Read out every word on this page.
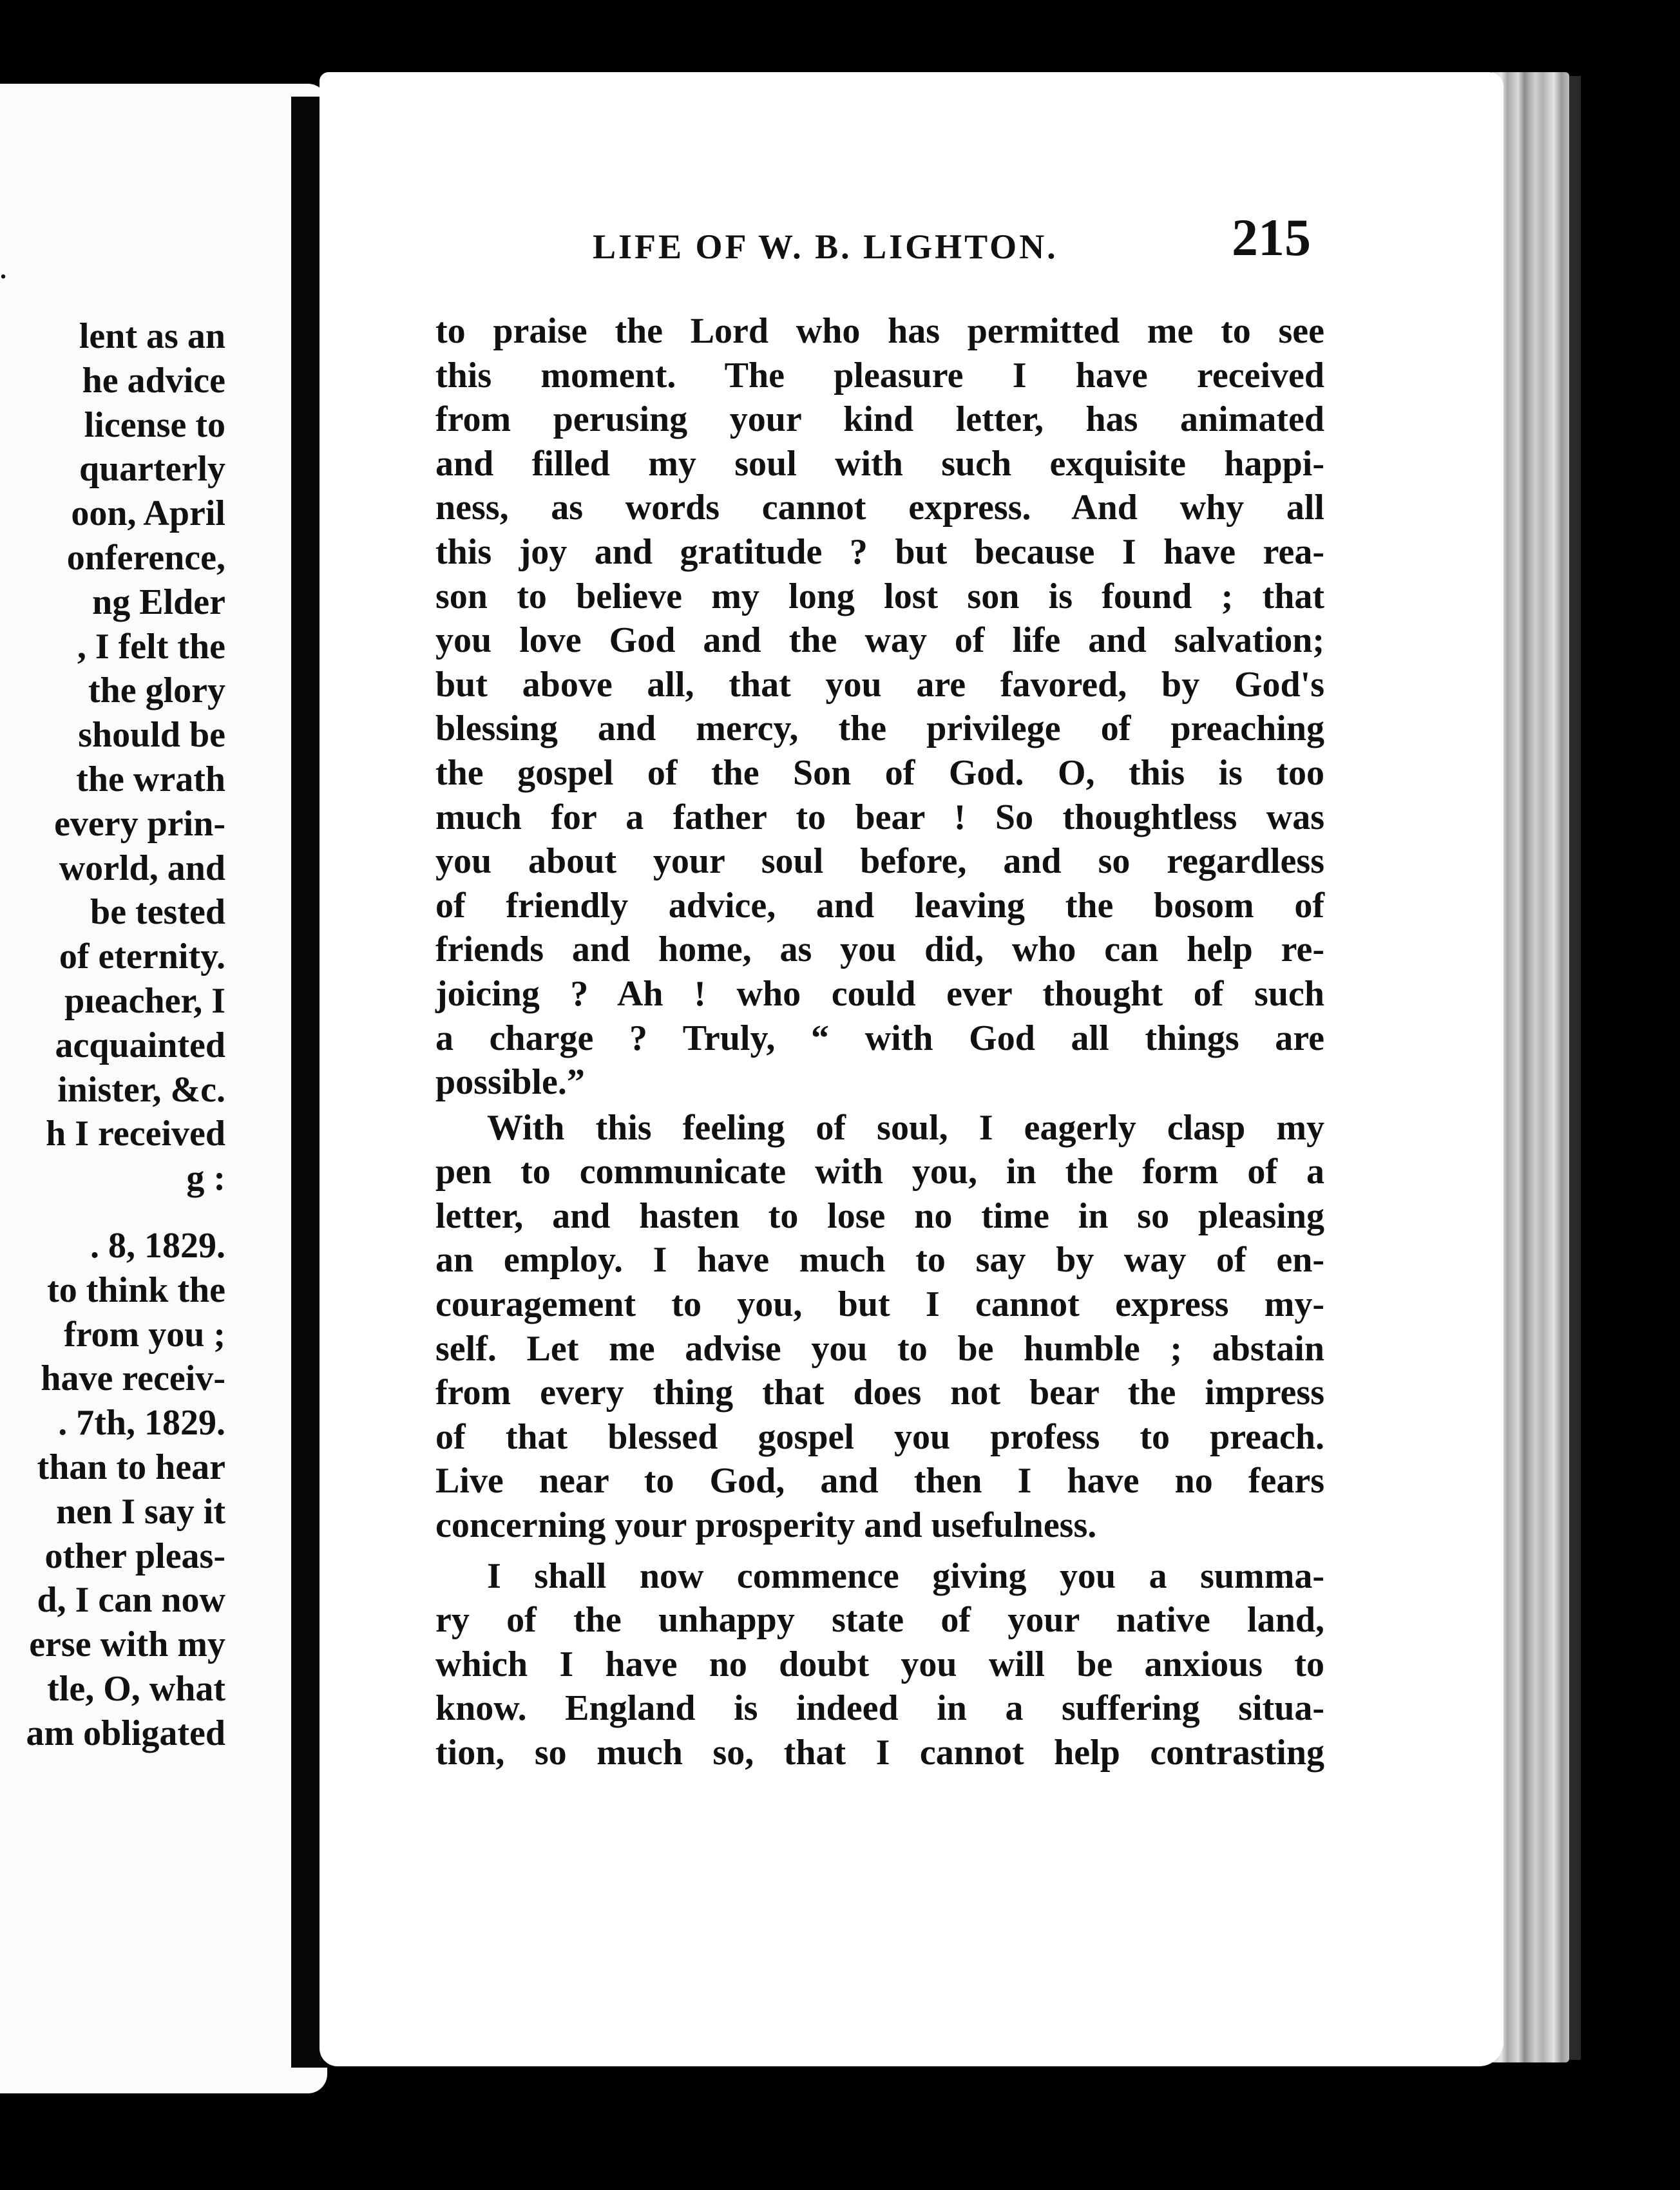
.
lent as an
he advice
license to
quarterly
oon, April
onference,
ng Elder
, I felt the
the glory
should be
the wrath
every prin-
world, and
be tested
of eternity.
pıeacher, I
acquainted
inister, &c.
h I received
g :
. 8, 1829.
to think the
from you ;
have receiv-
. 7th, 1829.
than to hear
nen I say it
other pleas-
d, I can now
erse with my
tle, O, what
am obligated
LIFE OF W. B. LIGHTON.	215
to praise the Lord who has permitted me to see
this moment. The pleasure I have received
from perusing your kind letter, has animated
and filled my soul with such exquisite happi-
ness, as words cannot express. And why all
this joy and gratitude ? but because I have rea-
son to believe my long lost son is found ; that
you love God and the way of life and salvation;
but above all, that you are favored, by God's
blessing and mercy, the privilege of preaching
the gospel of the Son of God. O, this is too
much for a father to bear ! So thoughtless was
you about your soul before, and so regardless
of friendly advice, and leaving the bosom of
friends and home, as you did, who can help re-
joicing ? Ah ! who could ever thought of such
a charge ? Truly, “ with God all things are
possible.”
With this feeling of soul, I eagerly clasp my
pen to communicate with you, in the form of a
letter, and hasten to lose no time in so pleasing
an employ. I have much to say by way of en-
couragement to you, but I cannot express my-
self. Let me advise you to be humble ; abstain
from every thing that does not bear the impress
of that blessed gospel you profess to preach.
Live near to God, and then I have no fears
concerning your prosperity and usefulness.
I shall now commence giving you a summa-
ry of the unhappy state of your native land,
which I have no doubt you will be anxious to
know. England is indeed in a suffering situa-
tion, so much so, that I cannot help contrasting
